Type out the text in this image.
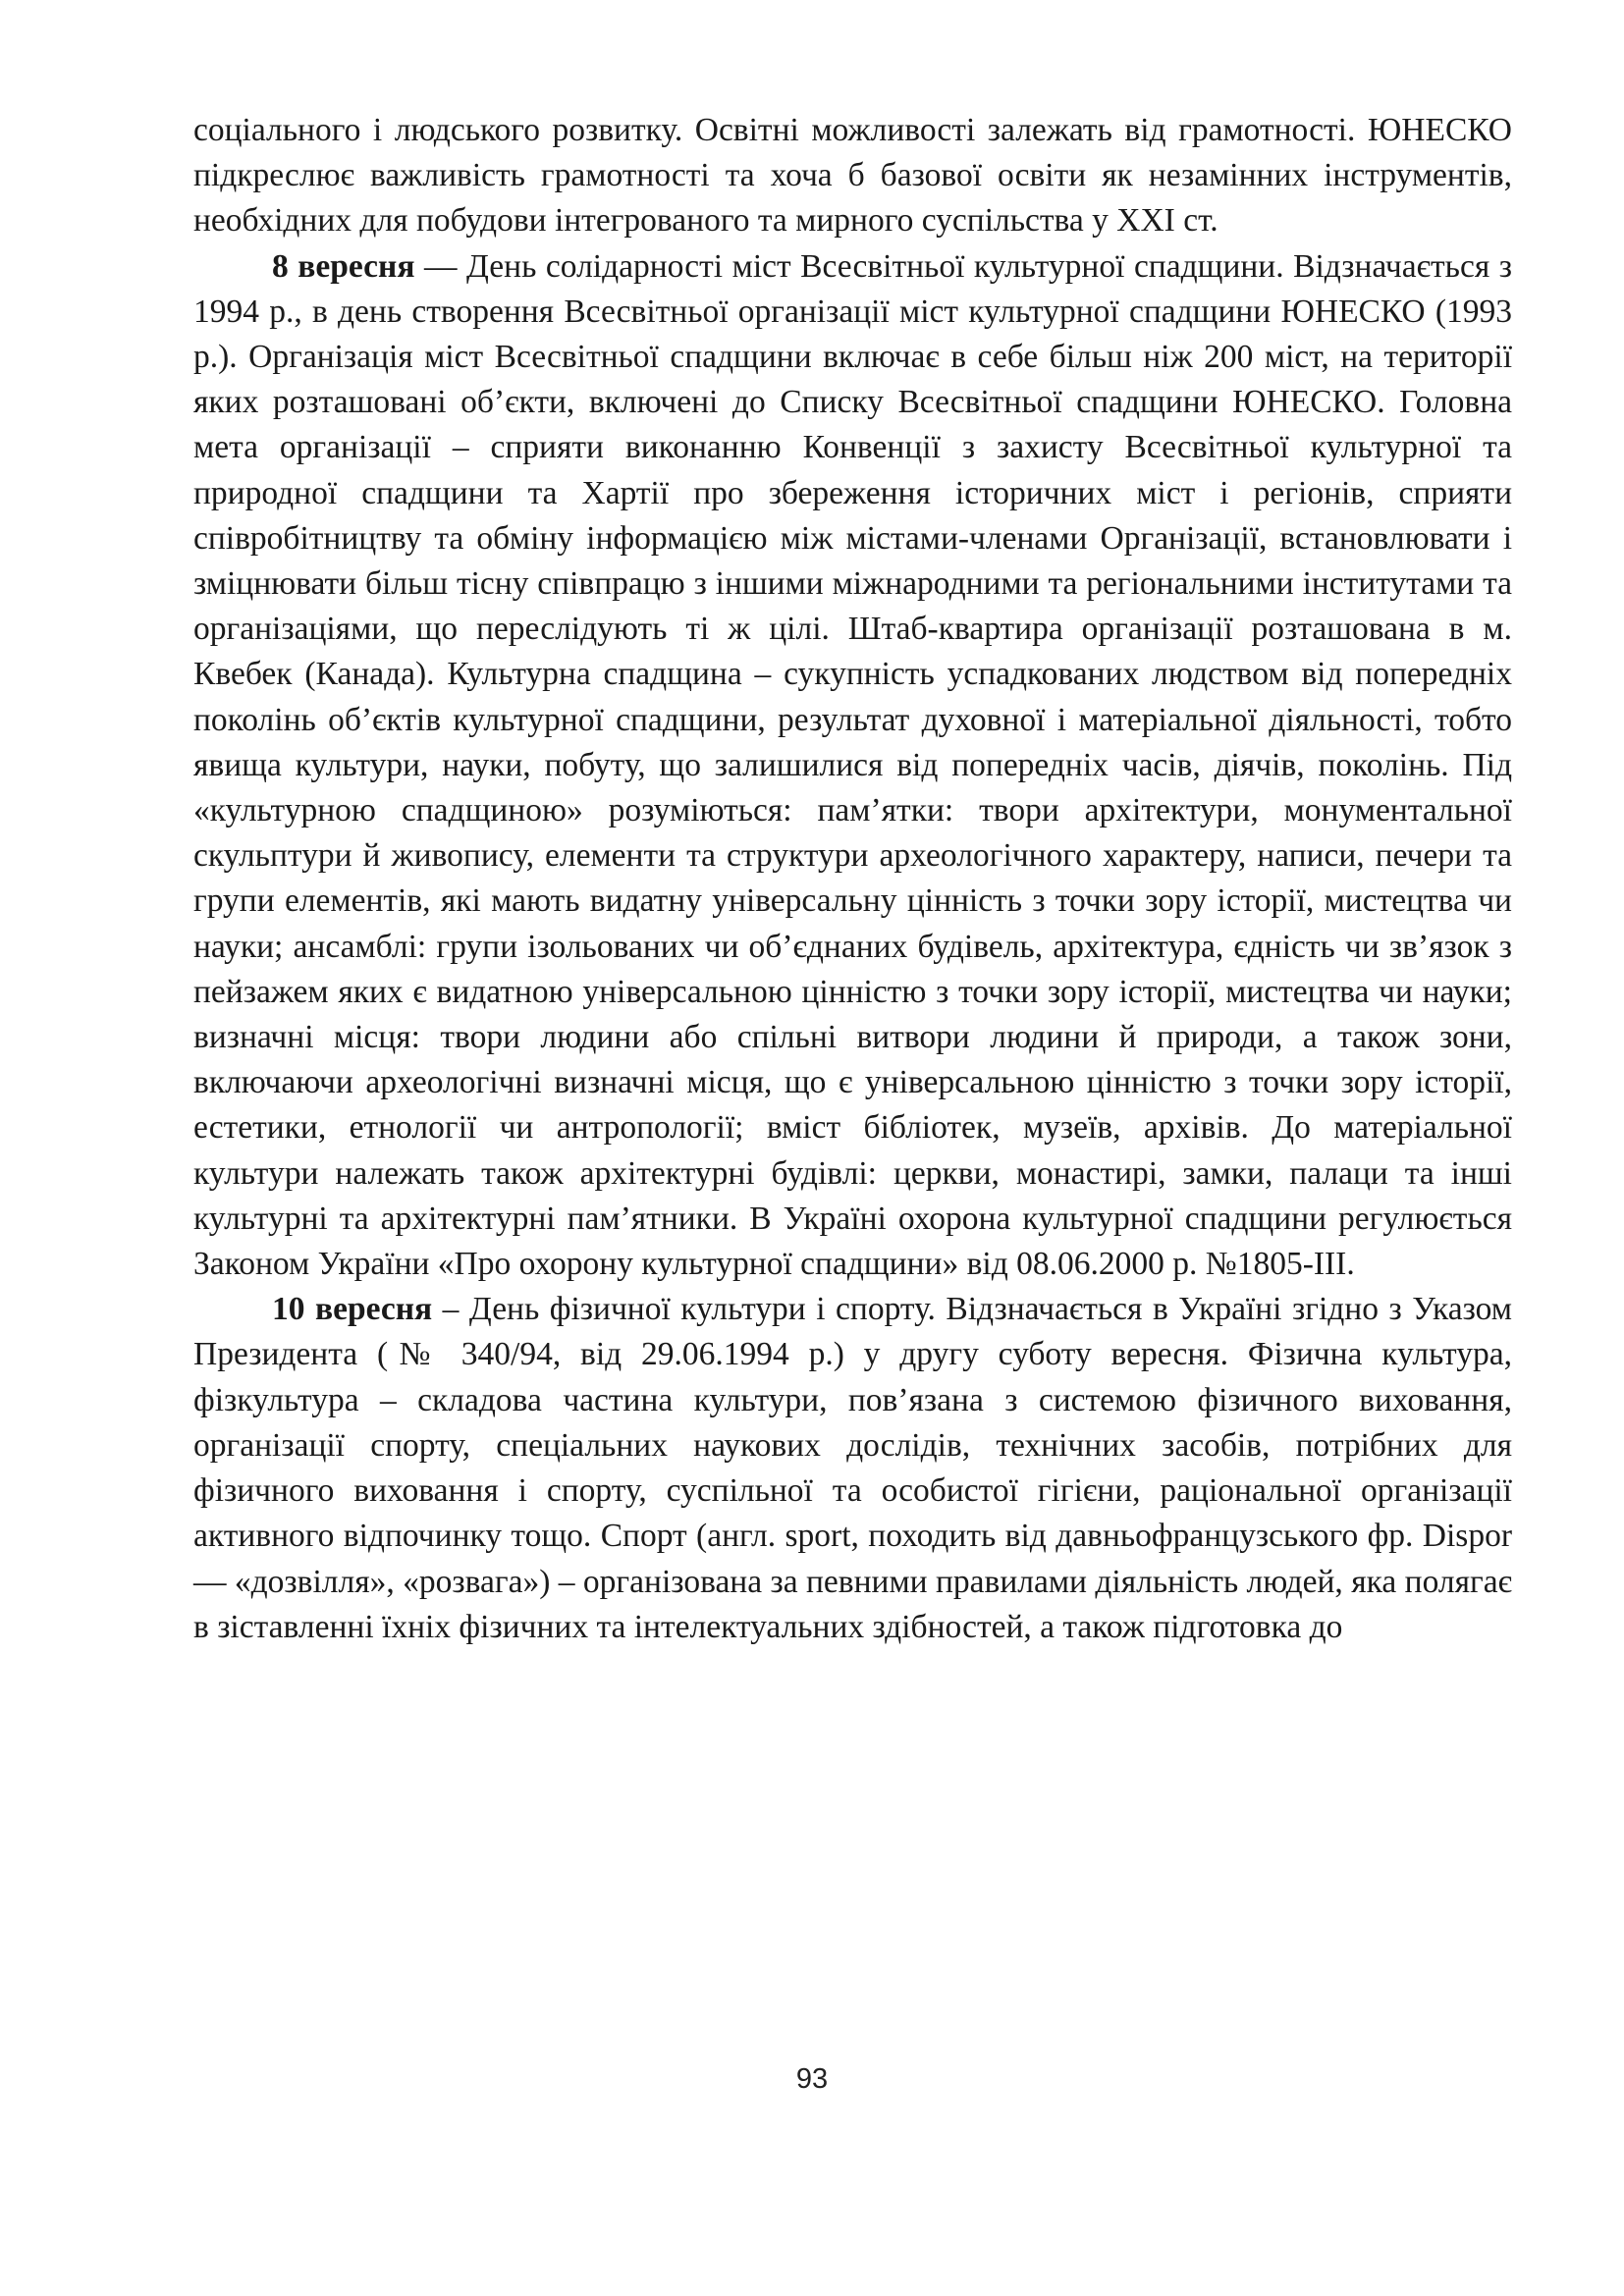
соціального і людського розвитку. Освітні можливості залежать від грамотності. ЮНЕСКО підкреслює важливість грамотності та хоча б базової освіти як незамінних інструментів, необхідних для побудови інтегрованого та мирного суспільства у XXI ст.

8 вересня — День солідарності міст Всесвітньої культурної спадщини. Відзначається з 1994 р., в день створення Всесвітньої організації міст культурної спадщини ЮНЕСКО (1993 р.). Організація міст Всесвітньої спадщини включає в себе більш ніж 200 міст, на території яких розташовані об’єкти, включені до Списку Всесвітньої спадщини ЮНЕСКО. Головна мета організації – сприяти виконанню Конвенції з захисту Всесвітньої культурної та природної спадщини та Хартії про збереження історичних міст і регіонів, сприяти співробітництву та обміну інформацією між містами-членами Організації, встановлювати і зміцнювати більш тісну співпрацю з іншими міжнародними та регіональними інститутами та організаціями, що переслідують ті ж цілі. Штаб-квартира організації розташована в м. Квебек (Канада). Культурна спадщина – сукупність успадкованих людством від попередніх поколінь об’єктів культурної спадщини, результат духовної і матеріальної діяльності, тобто явища культури, науки, побуту, що залишилися від попередніх часів, діячів, поколінь. Під «культурною спадщиною» розуміються: пам’ятки: твори архітектури, монументальної скульптури й живопису, елементи та структури археологічного характеру, написи, печери та групи елементів, які мають видатну універсальну цінність з точки зору історії, мистецтва чи науки; ансамблі: групи ізольованих чи об’єднаних будівель, архітектура, єдність чи зв’язок з пейзажем яких є видатною універсальною цінністю з точки зору історії, мистецтва чи науки; визначні місця: твори людини або спільні витвори людини й природи, а також зони, включаючи археологічні визначні місця, що є універсальною цінністю з точки зору історії, естетики, етнології чи антропології; вміст бібліотек, музеїв, архівів. До матеріальної культури належать також архітектурні будівлі: церкви, монастирі, замки, палаци та інші культурні та архітектурні пам’ятники. В Україні охорона культурної спадщини регулюється Законом України «Про охорону культурної спадщини» від 08.06.2000 р. №1805-III.

10 вересня – День фізичної культури і спорту. Відзначається в Україні згідно з Указом Президента (№ 340/94, від 29.06.1994 р.) у другу суботу вересня. Фізична культура, фізкультура – складова частина культури, пов’язана з системою фізичного виховання, організації спорту, спеціальних наукових дослідів, технічних засобів, потрібних для фізичного виховання і спорту, суспільної та особистої гігієни, раціональної організації активного відпочинку тощо. Спорт (англ. sport, походить від давньофранцузського фр. Dispor — «дозвілля», «розвага») – організована за певними правилами діяльність людей, яка полягає в зіставленні їхніх фізичних та інтелектуальних здібностей, а також підготовка до

93
